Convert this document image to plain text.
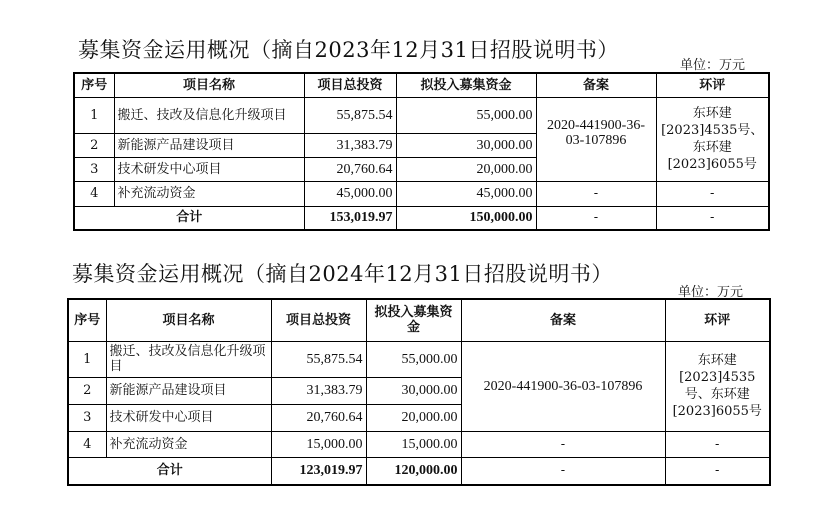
募集资金运用概况（摘自2023年12月31日招股说明书）
单位：万元
序号	项目名称	项目总投资	拟投入募集资金	备案	环评
1	搬迁、技改及信息化升级项目	55,875.54	55,000.00	2020-441900-36-03-107896	东环建[2023]4535号、东环建[2023]6055号
2	新能源产品建设项目	31,383.79	30,000.00		
3	技术研发中心项目	20,760.64	20,000.00		
4	补充流动资金	45,000.00	45,000.00	-	-
合计		153,019.97	150,000.00	-	-
募集资金运用概况（摘自2024年12月31日招股说明书）
单位：万元
序号	项目名称	项目总投资	拟投入募集资金	备案	环评
1	搬迁、技改及信息化升级项目	55,875.54	55,000.00	2020-441900-36-03-107896	东环建[2023]4535号、东环建[2023]6055号
2	新能源产品建设项目	31,383.79	30,000.00		
3	技术研发中心项目	20,760.64	20,000.00		
4	补充流动资金	15,000.00	15,000.00	-	-
合计		123,019.97	120,000.00	-	-
